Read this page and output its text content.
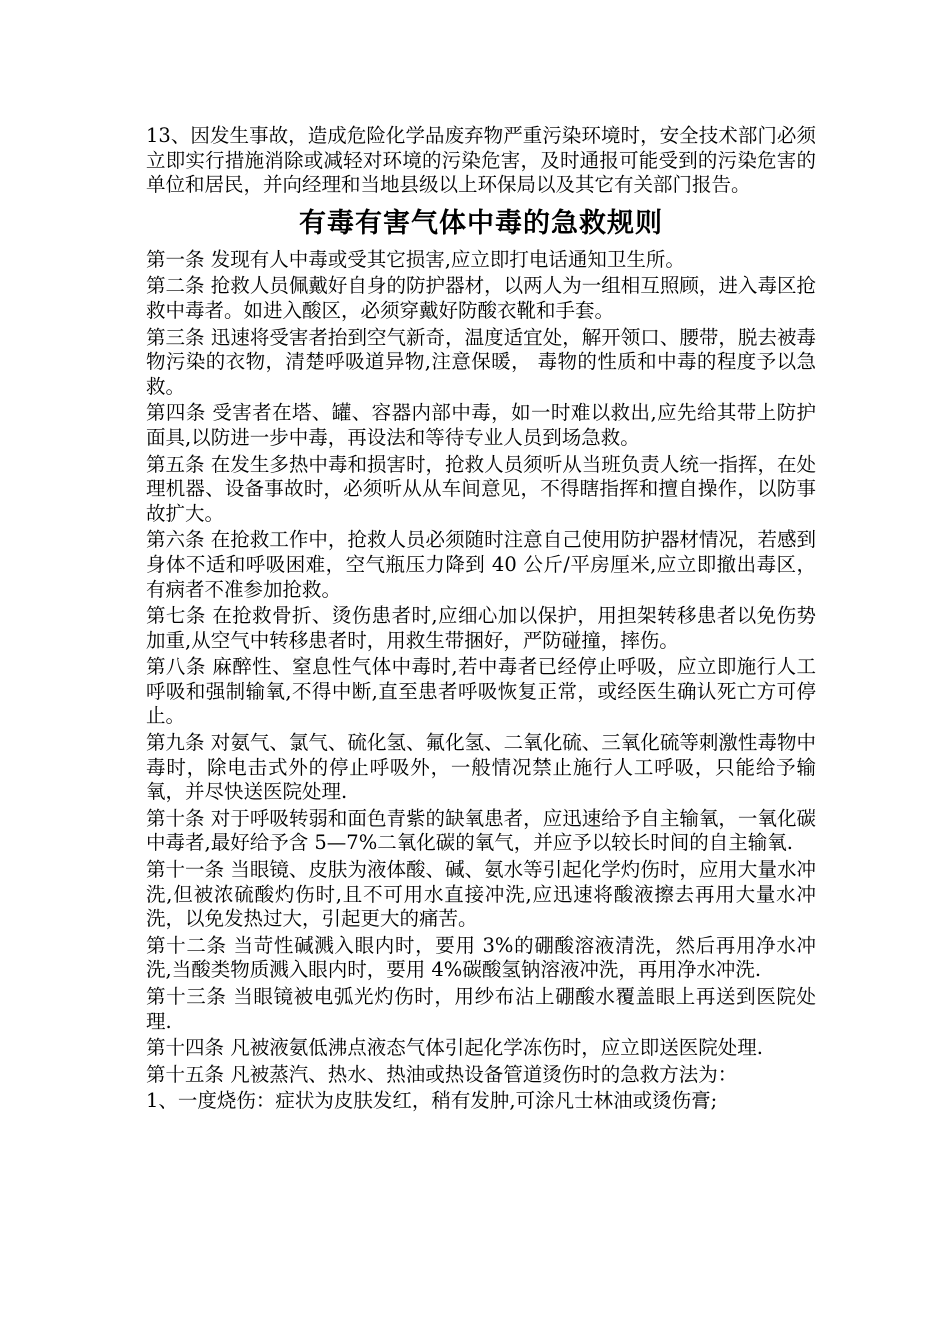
13、因发生事故，造成危险化学品废弃物严重污染环境时，安全技术部门必须立即实行措施消除或减轻对环境的污染危害，及时通报可能受到的污染危害的单位和居民，并向经理和当地县级以上环保局以及其它有关部门报告。

有毒有害气体中毒的急救规则

第一条 发现有人中毒或受其它损害,应立即打电话通知卫生所。

第二条 抢救人员佩戴好自身的防护器材，以两人为一组相互照顾，进入毒区抢救中毒者。如进入酸区，必须穿戴好防酸衣靴和手套。

第三条 迅速将受害者抬到空气新奇，温度适宜处，解开领口、腰带，脱去被毒物污染的衣物，清楚呼吸道异物,注意保暖， 毒物的性质和中毒的程度予以急救。

第四条 受害者在塔、罐、容器内部中毒，如一时难以救出,应先给其带上防护面具,以防进一步中毒，再设法和等待专业人员到场急救。

第五条 在发生多热中毒和损害时，抢救人员须听从当班负责人统一指挥，在处理机器、设备事故时，必须听从从车间意见，不得瞎指挥和擅自操作，以防事故扩大。

第六条 在抢救工作中，抢救人员必须随时注意自己使用防护器材情况，若感到身体不适和呼吸困难，空气瓶压力降到 40 公斤/平房厘米,应立即撤出毒区，有病者不准参加抢救。

第七条 在抢救骨折、烫伤患者时,应细心加以保护，用担架转移患者以免伤势加重,从空气中转移患者时，用救生带捆好，严防碰撞，摔伤。

第八条 麻醉性、窒息性气体中毒时,若中毒者已经停止呼吸，应立即施行人工呼吸和强制输氧,不得中断,直至患者呼吸恢复正常，或经医生确认死亡方可停止。

第九条 对氨气、氯气、硫化氢、氟化氢、二氧化硫、三氧化硫等刺激性毒物中毒时，除电击式外的停止呼吸外，一般情况禁止施行人工呼吸，只能给予输氧，并尽快送医院处理.

第十条 对于呼吸转弱和面色青紫的缺氧患者，应迅速给予自主输氧，一氧化碳中毒者,最好给予含 5—7%二氧化碳的氧气，并应予以较长时间的自主输氧.

第十一条 当眼镜、皮肤为液体酸、碱、氨水等引起化学灼伤时，应用大量水冲洗,但被浓硫酸灼伤时,且不可用水直接冲洗,应迅速将酸液擦去再用大量水冲洗，以免发热过大，引起更大的痛苦。

第十二条 当苛性碱溅入眼内时，要用 3%的硼酸溶液清洗，然后再用净水冲洗,当酸类物质溅入眼内时，要用 4%碳酸氢钠溶液冲洗，再用净水冲洗.

第十三条 当眼镜被电弧光灼伤时，用纱布沾上硼酸水覆盖眼上再送到医院处理.

第十四条 凡被液氨低沸点液态气体引起化学冻伤时，应立即送医院处理.

第十五条 凡被蒸汽、热水、热油或热设备管道烫伤时的急救方法为：

1、一度烧伤：症状为皮肤发红，稍有发肿,可涂凡士林油或烫伤膏;
